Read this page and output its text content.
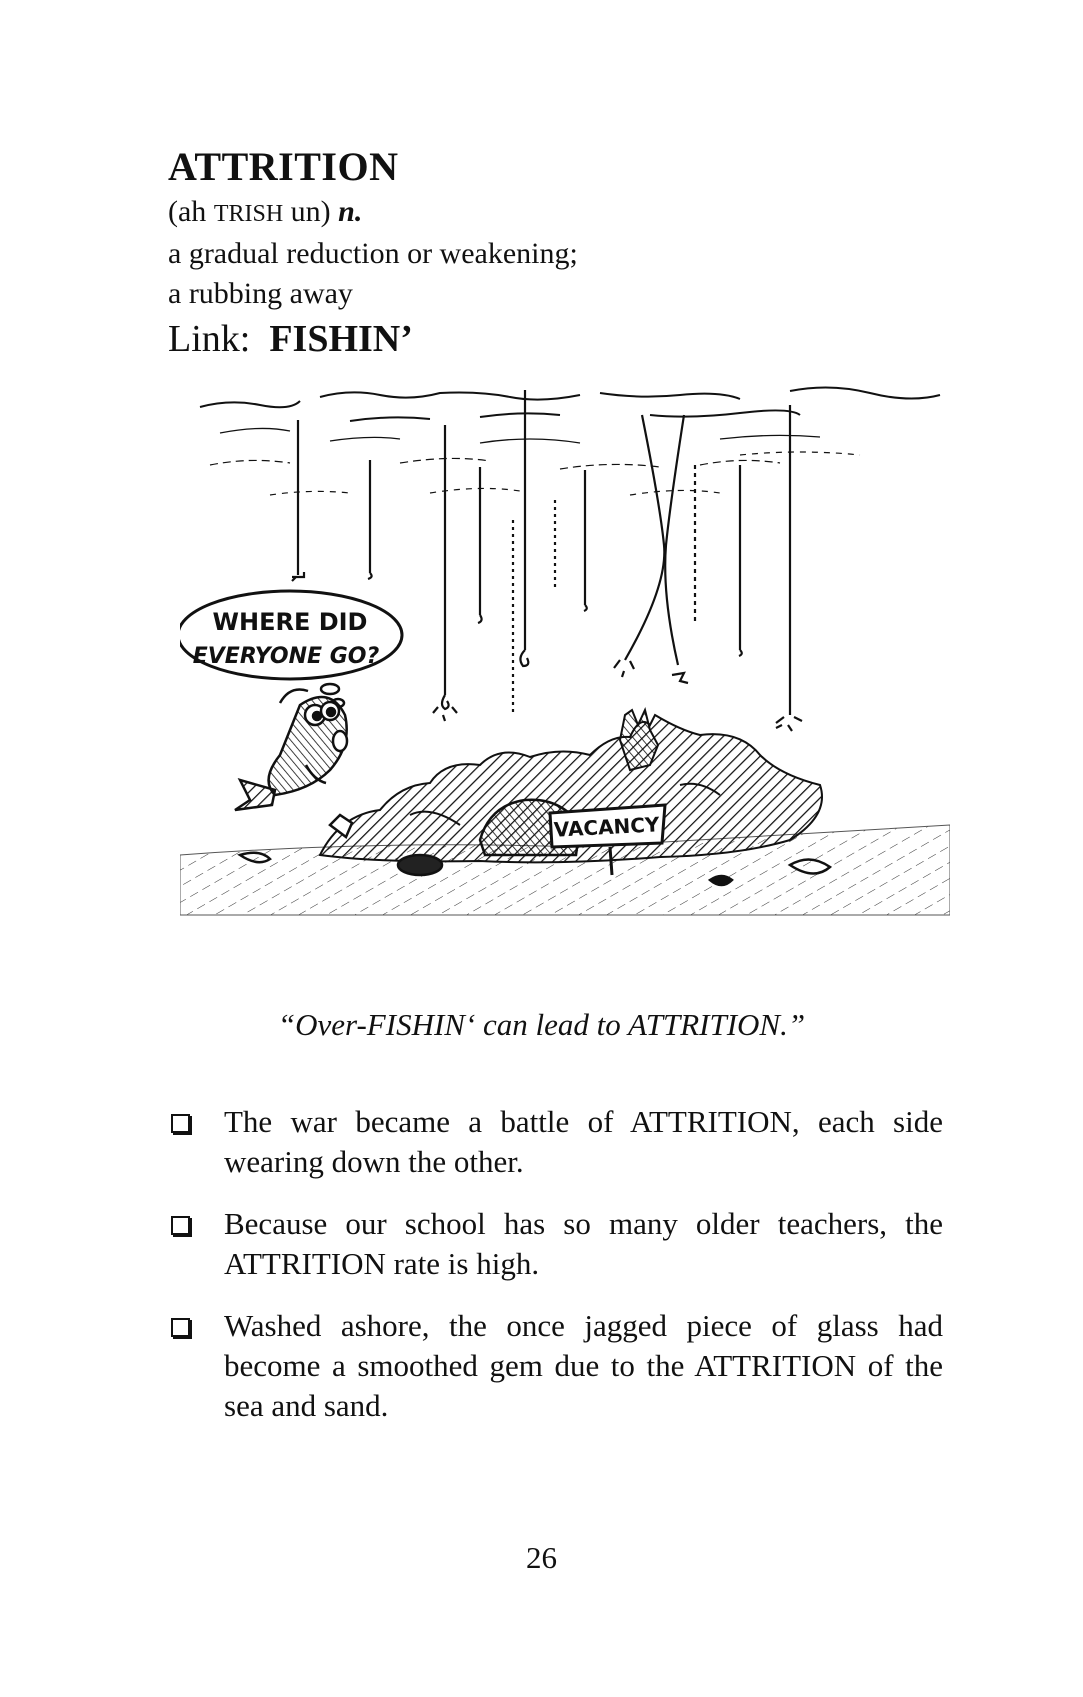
ATTRITION
(ah TRISH un) n.
a gradual reduction or weakening;
a rubbing away
Link: FISHIN’
WHERE DID
EVERYONE GO?
VACANCY
“Over-FISHIN‘ can lead to ATTRITION.”
The war became a battle of ATTRITION, each side wearing down the other.
Because our school has so many older teachers, the ATTRITION rate is high.
Washed ashore, the once jagged piece of glass had become a smoothed gem due to the ATTRITION of the sea and sand.
26
